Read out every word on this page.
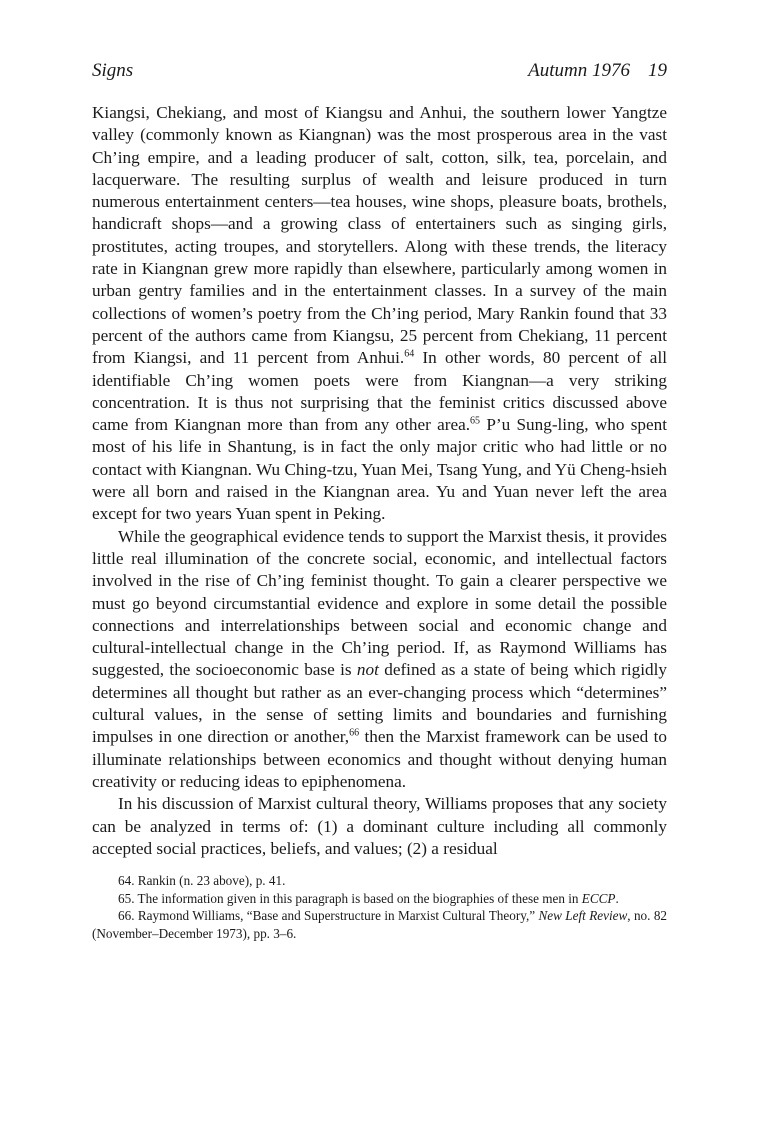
Signs	Autumn 1976 19

Kiangsi, Chekiang, and most of Kiangsu and Anhui, the southern lower Yangtze valley (commonly known as Kiangnan) was the most prosperous area in the vast Ch’ing empire, and a leading producer of salt, cotton, silk, tea, porcelain, and lacquerware. The resulting surplus of wealth and leisure produced in turn numerous entertainment centers—tea houses, wine shops, pleasure boats, brothels, handicraft shops—and a growing class of entertainers such as singing girls, prostitutes, acting troupes, and storytellers. Along with these trends, the literacy rate in Kiangnan grew more rapidly than elsewhere, particularly among women in urban gentry families and in the entertainment classes. In a survey of the main collections of women’s poetry from the Ch’ing period, Mary Rankin found that 33 percent of the authors came from Kiangsu, 25 percent from Chekiang, 11 percent from Kiangsi, and 11 percent from Anhui.$^{64}$ In other words, 80 percent of all identifiable Ch’ing women poets were from Kiangnan—a very striking concentration. It is thus not surprising that the feminist critics discussed above came from Kiangnan more than from any other area.$^{65}$ P’u Sung-ling, who spent most of his life in Shantung, is in fact the only major critic who had little or no contact with Kiangnan. Wu Ching-tzu, Yuan Mei, Tsang Yung, and Yü Cheng-hsieh were all born and raised in the Kiangnan area. Yu and Yuan never left the area except for two years Yuan spent in Peking.

While the geographical evidence tends to support the Marxist thesis, it provides little real illumination of the concrete social, economic, and intellectual factors involved in the rise of Ch’ing feminist thought. To gain a clearer perspective we must go beyond circumstantial evidence and explore in some detail the possible connections and interrelationships between social and economic change and cultural-intellectual change in the Ch’ing period. If, as Raymond Williams has suggested, the socioeconomic base is not defined as a state of being which rigidly determines all thought but rather as an ever-changing process which “determines” cultural values, in the sense of setting limits and boundaries and furnishing impulses in one direction or another,$^{66}$ then the Marxist framework can be used to illuminate relationships between economics and thought without denying human creativity or reducing ideas to epiphenomena.

In his discussion of Marxist cultural theory, Williams proposes that any society can be analyzed in terms of: (1) a dominant culture including all commonly accepted social practices, beliefs, and values; (2) a residual

64. Rankin (n. 23 above), p. 41.

65. The information given in this paragraph is based on the biographies of these men in ECCP.

66. Raymond Williams, “Base and Superstructure in Marxist Cultural Theory,” New Left Review, no. 82 (November–December 1973), pp. 3–6.
